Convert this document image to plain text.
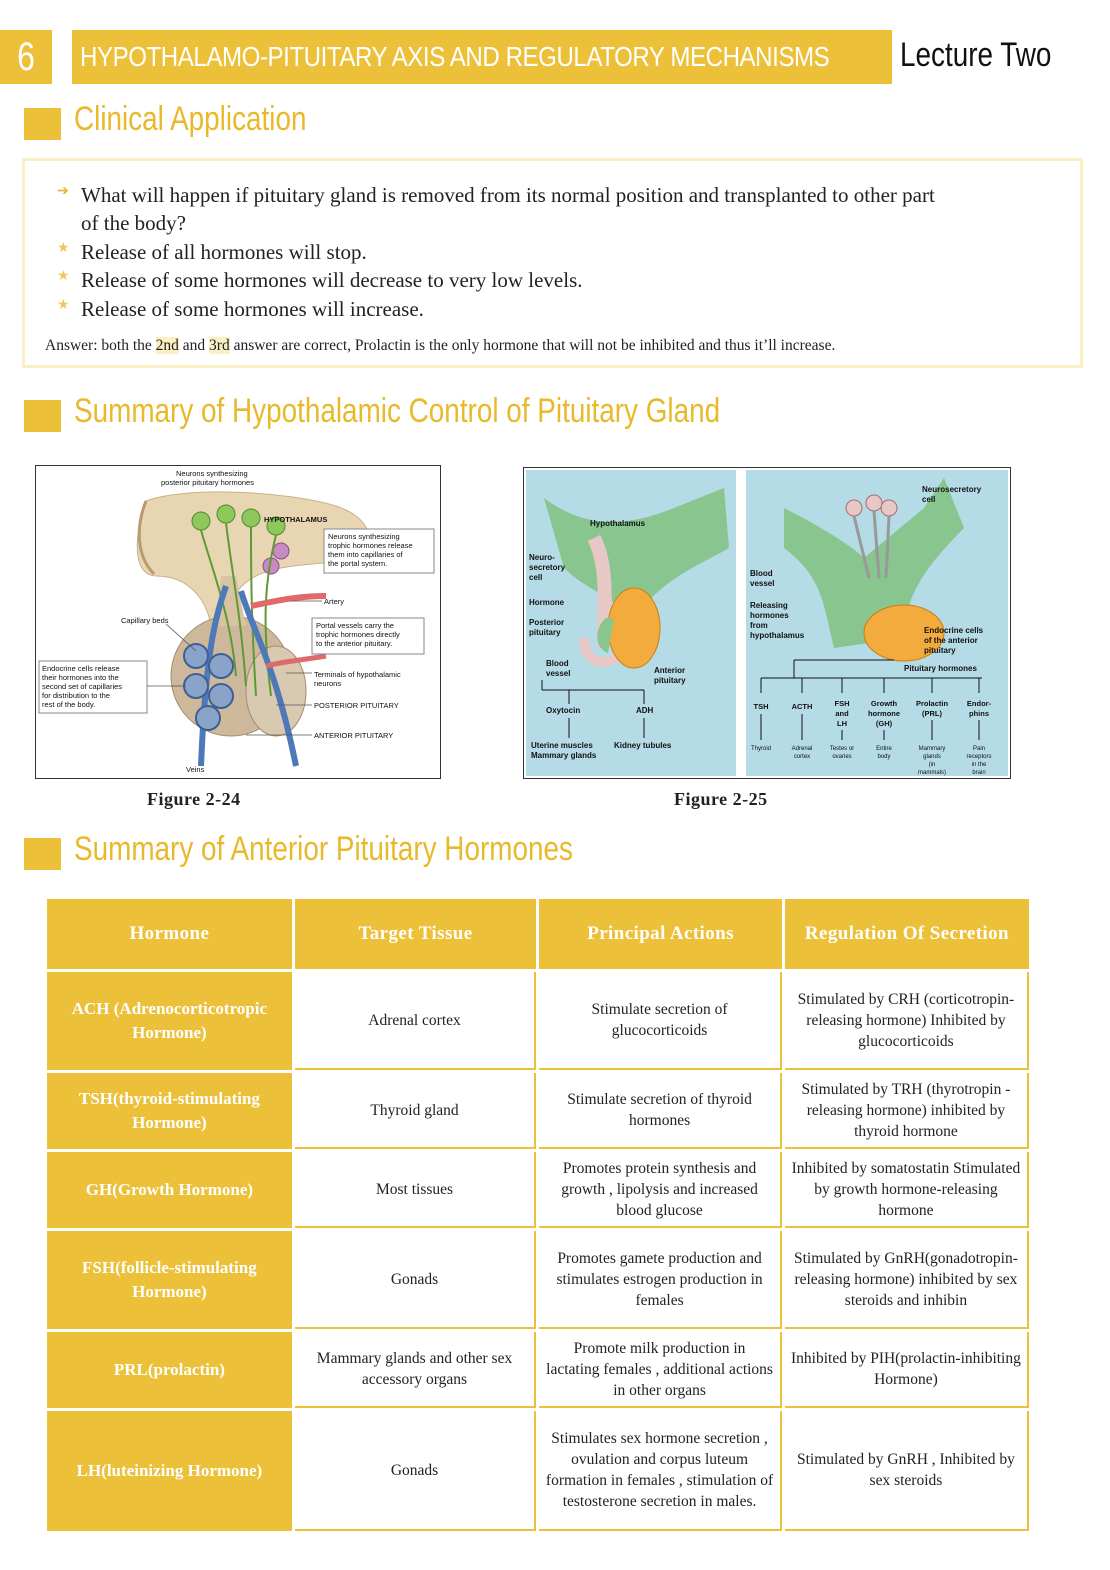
6	HYPOTHALAMO-PITUITARY AXIS AND REGULATORY MECHANISMS	Lecture Two
Clinical Application
➔ What will happen if pituitary gland is removed from its normal position and transplanted to other part
of the body?
★ Release of all hormones will stop.
★ Release of some hormones will decrease to very low levels.
★ Release of some hormones will increase.
Answer: both the 2nd and 3rd answer are correct, Prolactin is the only hormone that will not be inhibited and thus it’ll increase.
Summary of Hypothalamic Control of Pituitary Gland
Neurons synthesizing
posterior pituitary hormones
HYPOTHALAMUS
Neurons synthesizing
trophic hormones release
them into capillaries of
the portal system.
Artery
Capillary beds
Portal vessels carry the
trophic hormones directly
to the anterior pituitary.
Endocrine cells release
their hormones into the
second set of capillaries
for distribution to the
rest of the body.
Terminals of hypothalamic
neurons
POSTERIOR PITUITARY
ANTERIOR PITUITARY
Veins
Figure 2-24
Hypothalamus
Neuro-
secretory
cell
Hormone
Posterior
pituitary
Anterior
pituitary
Blood
vessel
Oxytocin	ADH
Uterine muscles
Mammary glands
Kidney tubules
Neurosecretory
cell
Blood
vessel
Releasing
hormones
from
hypothalamus
Endocrine cells
of the anterior
pituitary
Pituitary hormones
TSH	ACTH	FSH
and
LH
Growth
hormone
(GH)
Prolactin
(PRL)
Endor-
phins
Thyroid	Adrenal
cortex
Testes or
ovaries
Entire
body
Mammary
glands
(in
mammals)
Pain
receptors
in the
brain
Figure 2-25
Summary of Anterior Pituitary Hormones
Hormone	Target Tissue	Principal Actions	Regulation Of Secretion
ACH (Adrenocorticotropic Hormone)	Adrenal cortex	Stimulate secretion of glucocorticoids	Stimulated by CRH (corticotropin-releasing hormone) Inhibited by glucocorticoids
TSH(thyroid-stimulating Hormone)	Thyroid gland	Stimulate secretion of thyroid hormones	Stimulated by TRH (thyrotropin -releasing hormone) inhibited by thyroid hormone
GH(Growth Hormone)	Most tissues	Promotes protein synthesis and growth , lipolysis and increased blood glucose	Inhibited by somatostatin Stimulated by growth hormone-releasing hormone
FSH(follicle-stimulating Hormone)	Gonads	Promotes gamete production and stimulates estrogen production in females	Stimulated by GnRH(gonadotropin-releasing hormone) inhibited by sex steroids and inhibin
PRL(prolactin)	Mammary glands and other sex accessory organs	Promote milk production in lactating females , additional actions in other organs	Inhibited by PIH(prolactin-inhibiting Hormone)
LH(luteinizing Hormone)	Gonads	Stimulates sex hormone secretion , ovulation and corpus luteum formation in females , stimulation of testosterone secretion in males.	Stimulated by GnRH , Inhibited by sex steroids
